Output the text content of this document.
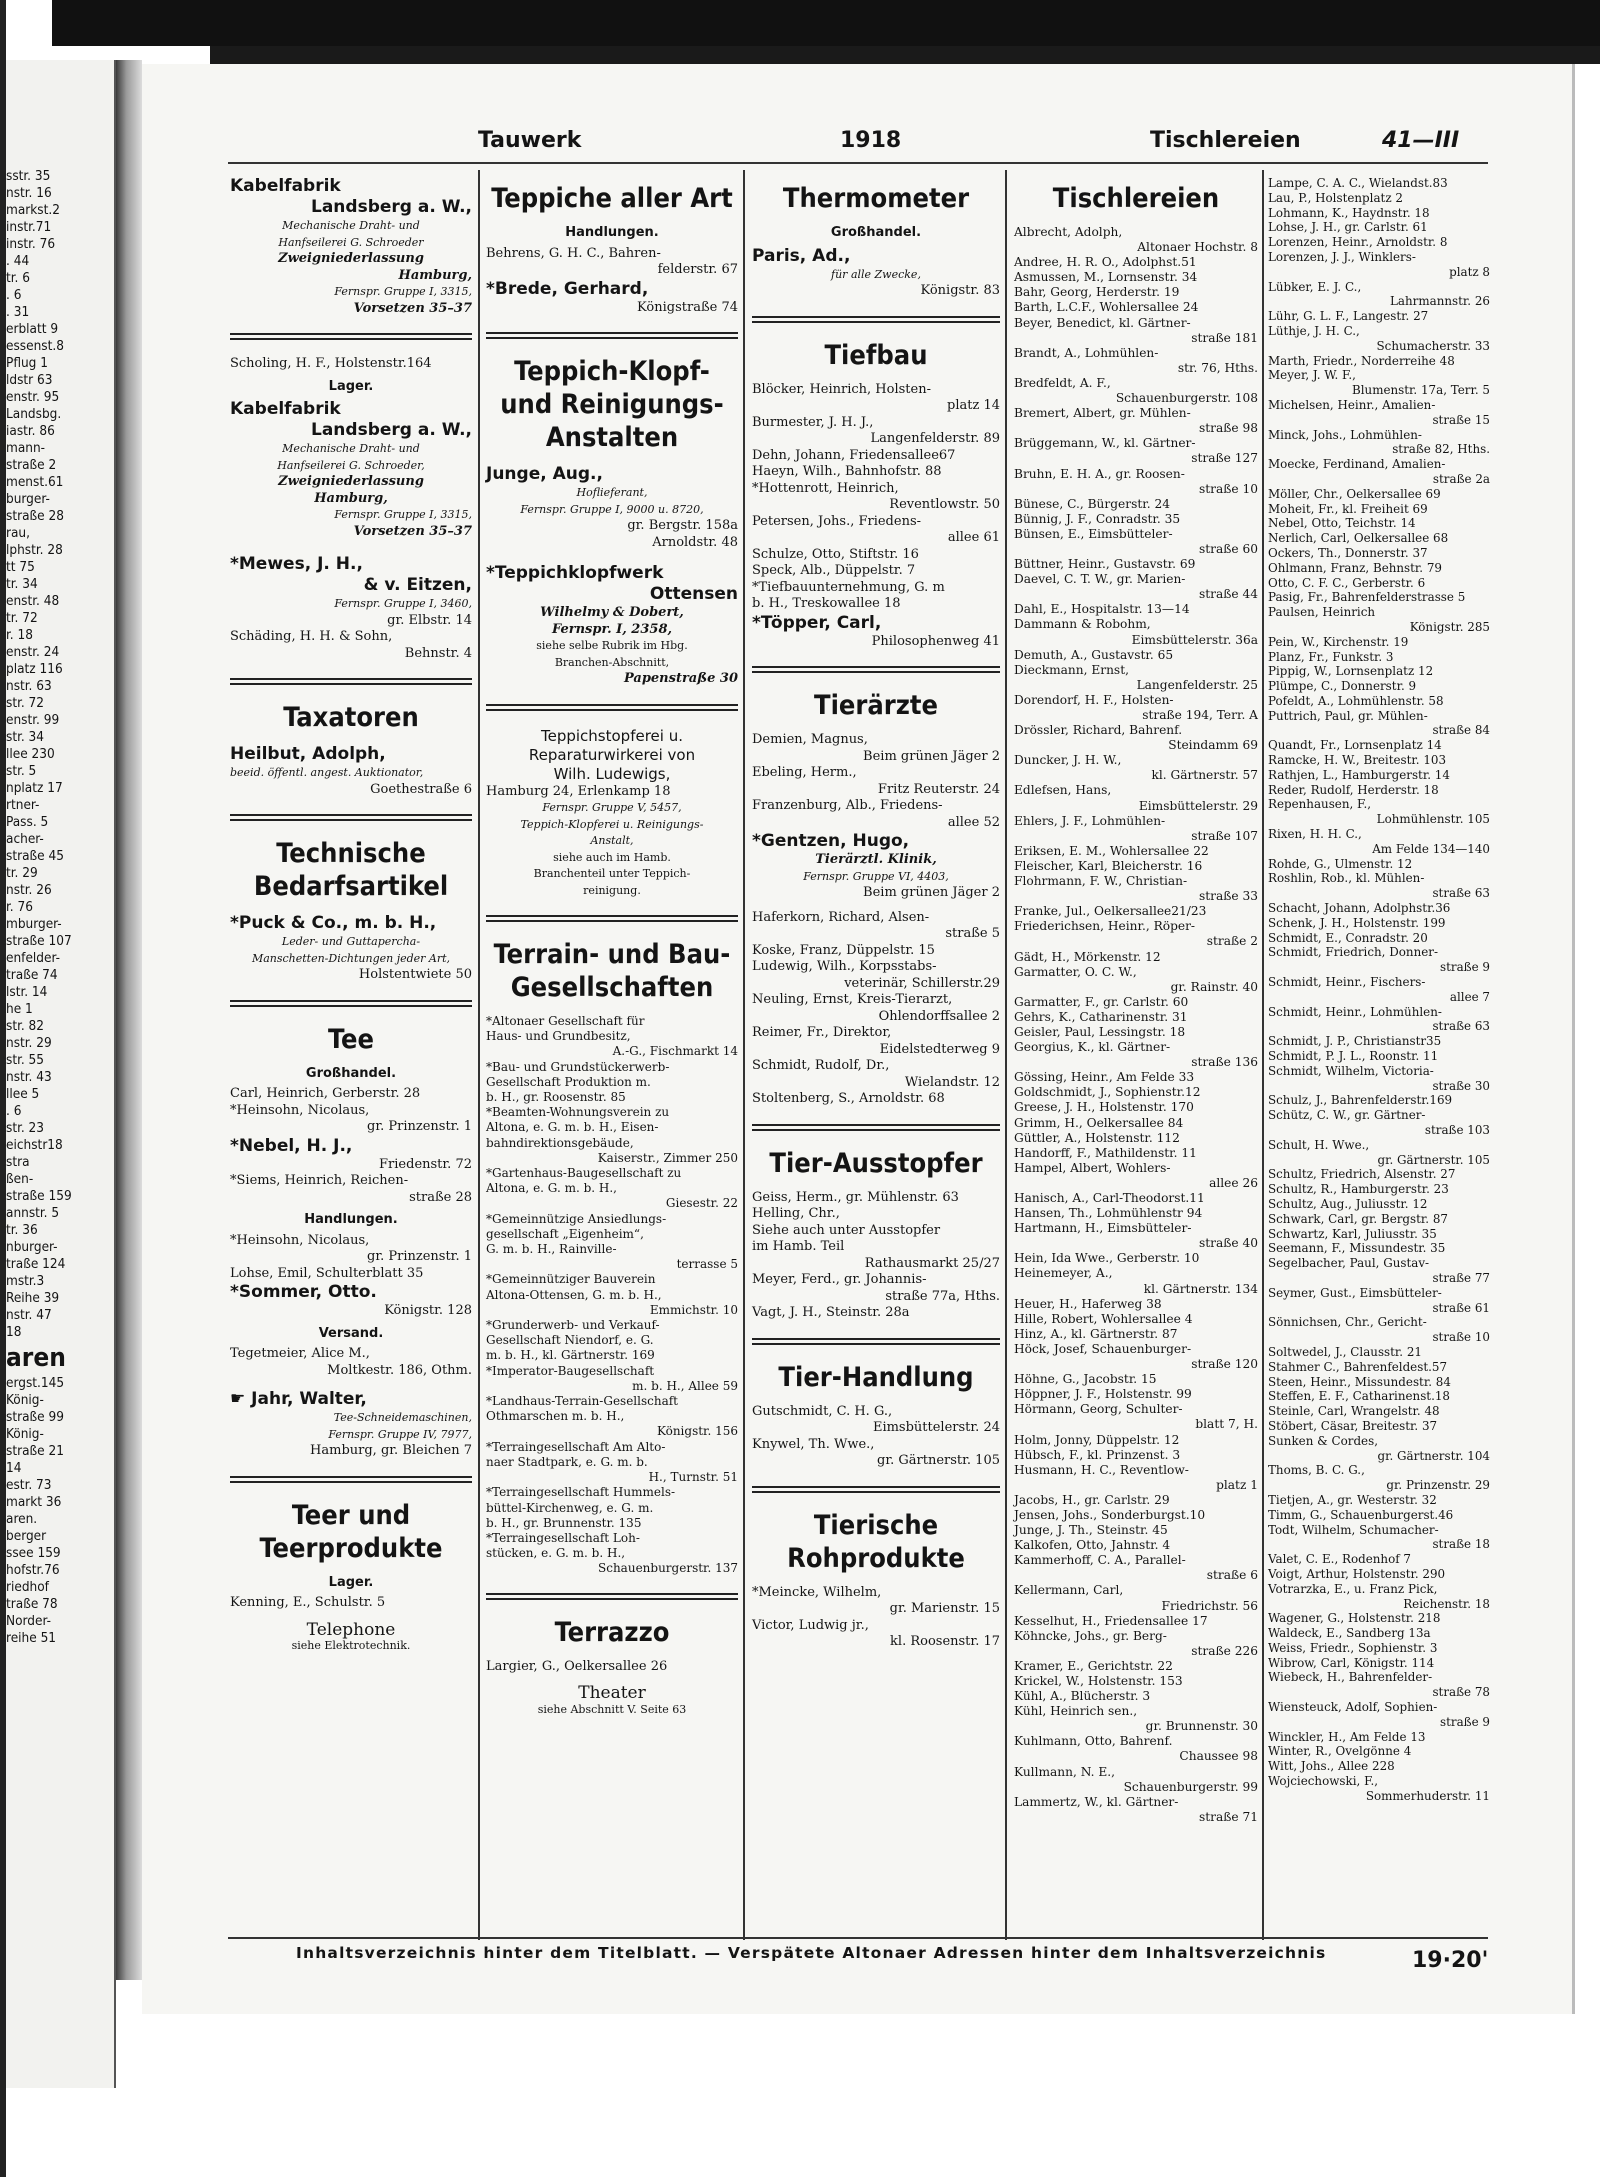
sstr. 35
nstr. 16
markst.2
instr.71
instr. 76
. 44
tr. 6
. 6
. 31
erblatt 9
essenst.8
Pflug 1
ldstr 63
enstr. 95
Landsbg.
iastr. 86
mann-
straße 2
menst.61
burger-
straße 28
rau,
lphstr. 28
tt 75
tr. 34
enstr. 48
tr. 72
r. 18
enstr. 24
platz 116
nstr. 63
str. 72
enstr. 99
str. 34
llee 230
str. 5
nplatz 17
rtner-
Pass. 5
acher-
straße 45
tr. 29
nstr. 26
r. 76
mburger-
straße 107
enfelder-
traße 74
lstr. 14
he 1
str. 82
nstr. 29
str. 55
nstr. 43
llee 5
. 6
str. 23
eichstr18
stra
ßen-
straße 159
annstr. 5
tr. 36
nburger-
traße 124
mstr.3
Reihe 39
nstr. 47
18
aren
ergst.145
König-
straße 99
König-
straße 21
14
estr. 73
markt 36
aren.
berger
ssee 159
hofstr.76
riedhof
traße 78
Norder-
reihe 51
Tauwerk	1918	Tischlereien	41—III
Kabelfabrik
Landsberg a. W.,
Mechanische Draht- und
Hanfseilerei G. Schroeder
Zweigniederlassung
Hamburg,
Fernspr. Gruppe I, 3315,
Vorsetzen 35–37
Scholing, H. F., Holstenstr.164
Lager.
Kabelfabrik
Landsberg a. W.,
Mechanische Draht- und
Hanfseilerei G. Schroeder,
Zweigniederlassung
Hamburg,
Fernspr. Gruppe I, 3315,
Vorsetzen 35–37
*Mewes, J. H.,
& v. Eitzen,
Fernspr. Gruppe I, 3460,
gr. Elbstr. 14
Schäding, H. H. & Sohn,
Behnstr. 4
Taxatoren
Heilbut, Adolph,
beeid. öffentl. angest. Auktionator,
Goethestraße 6
Technische Bedarfsartikel
*Puck & Co., m. b. H.,
Leder- und Guttapercha-
Manschetten-Dichtungen jeder Art,
Holstentwiete 50
Tee
Großhandel.
Carl, Heinrich, Gerberstr. 28
*Heinsohn, Nicolaus,
gr. Prinzenstr. 1
*Nebel, H. J.,
Friedenstr. 72
*Siems, Heinrich, Reichen-
straße 28
Handlungen.
*Heinsohn, Nicolaus,
gr. Prinzenstr. 1
Lohse, Emil, Schulterblatt 35
*Sommer, Otto.
Königstr. 128
Versand.
Tegetmeier, Alice M.,
Moltkestr. 186, Othm.
☛ Jahr, Walter,
Tee-Schneidemaschinen,
Fernspr. Gruppe IV, 7977,
Hamburg, gr. Bleichen 7
Teer und Teerprodukte
Lager.
Kenning, E., Schulstr. 5
Telephone
siehe Elektrotechnik.
Teppiche aller Art
Handlungen.
Behrens, G. H. C., Bahren-
felderstr. 67
*Brede, Gerhard,
Königstraße 74
Teppich-Klopf- und Reinigungs-Anstalten
Junge, Aug.,
Hoflieferant,
Fernspr. Gruppe I, 9000 u. 8720,
gr. Bergstr. 158a
Arnoldstr. 48
*Teppichklopfwerk
Ottensen
Wilhelmy & Dobert,
Fernspr. I, 2358,
siehe selbe Rubrik im Hbg.
Branchen-Abschnitt,
Papenstraße 30
Teppichstopferei u.
Reparaturwirkerei von
Wilh. Ludewigs,
Hamburg 24, Erlenkamp 18
Fernspr. Gruppe V, 5457,
Teppich-Klopferei u. Reinigungs-
Anstalt,
siehe auch im Hamb.
Branchenteil unter Teppich-
reinigung.
Terrain- und Bau-Gesellschaften
*Altonaer Gesellschaft für
Haus- und Grundbesitz,
A.-G., Fischmarkt 14
*Bau- und Grundstückerwerb-
Gesellschaft Produktion m.
b. H., gr. Roosenstr. 85
*Beamten-Wohnungsverein zu
Altona, e. G. m. b. H., Eisen-
bahndirektionsgebäude,
Kaiserstr., Zimmer 250
*Gartenhaus-Baugesellschaft zu
Altona, e. G. m. b. H.,
Giesestr. 22
*Gemeinnützige Ansiedlungs-
gesellschaft „Eigenheim“,
G. m. b. H., Rainville-
terrasse 5
*Gemeinnütziger Bauverein
Altona-Ottensen, G. m. b. H.,
Emmichstr. 10
*Grunderwerb- und Verkauf-
Gesellschaft Niendorf, e. G.
m. b. H., kl. Gärtnerstr. 169
*Imperator-Baugesellschaft
m. b. H., Allee 59
*Landhaus-Terrain-Gesellschaft
Othmarschen m. b. H.,
Königstr. 156
*Terraingesellschaft Am Alto-
naer Stadtpark, e. G. m. b.
H., Turnstr. 51
*Terraingesellschaft Hummels-
büttel-Kirchenweg, e. G. m.
b. H., gr. Brunnenstr. 135
*Terraingesellschaft Loh-
stücken, e. G. m. b. H.,
Schauenburgerstr. 137
Terrazzo
Largier, G., Oelkersallee 26
Theater
siehe Abschnitt V. Seite 63
Thermometer
Großhandel.
Paris, Ad.,
für alle Zwecke,
Königstr. 83
Tiefbau
Blöcker, Heinrich, Holsten-
platz 14
Burmester, J. H. J.,
Langenfelderstr. 89
Dehn, Johann, Friedensallee67
Haeyn, Wilh., Bahnhofstr. 88
*Hottenrott, Heinrich,
Reventlowstr. 50
Petersen, Johs., Friedens-
allee 61
Schulze, Otto, Stiftstr. 16
Speck, Alb., Düppelstr. 7
*Tiefbauunternehmung, G. m
b. H., Treskowallee 18
*Töpper, Carl,
Philosophenweg 41
Tierärzte
Demien, Magnus,
Beim grünen Jäger 2
Ebeling, Herm.,
Fritz Reuterstr. 24
Franzenburg, Alb., Friedens-
allee 52
*Gentzen, Hugo,
Tierärztl. Klinik,
Fernspr. Gruppe VI, 4403,
Beim grünen Jäger 2
Haferkorn, Richard, Alsen-
straße 5
Koske, Franz, Düppelstr. 15
Ludewig, Wilh., Korpsstabs-
veterinär, Schillerstr.29
Neuling, Ernst, Kreis-Tierarzt,
Ohlendorffsallee 2
Reimer, Fr., Direktor,
Eidelstedterweg 9
Schmidt, Rudolf, Dr.,
Wielandstr. 12
Stoltenberg, S., Arnoldstr. 68
Tier-Ausstopfer
Geiss, Herm., gr. Mühlenstr. 63
Helling, Chr.,
Siehe auch unter Ausstopfer
im Hamb. Teil
Rathausmarkt 25/27
Meyer, Ferd., gr. Johannis-
straße 77a, Hths.
Vagt, J. H., Steinstr. 28a
Tier-Handlung
Gutschmidt, C. H. G.,
Eimsbüttelerstr. 24
Knywel, Th. Wwe.,
gr. Gärtnerstr. 105
Tierische Rohprodukte
*Meincke, Wilhelm,
gr. Marienstr. 15
Victor, Ludwig jr.,
kl. Roosenstr. 17
Tischlereien
Albrecht, Adolph,
Altonaer Hochstr. 8
Andree, H. R. O., Adolphst.51
Asmussen, M., Lornsenstr. 34
Bahr, Georg, Herderstr. 19
Barth, L.C.F., Wohlersallee 24
Beyer, Benedict, kl. Gärtner-
straße 181
Brandt, A., Lohmühlen-
str. 76, Hths.
Bredfeldt, A. F.,
Schauenburgerstr. 108
Bremert, Albert, gr. Mühlen-
straße 98
Brüggemann, W., kl. Gärtner-
straße 127
Bruhn, E. H. A., gr. Roosen-
straße 10
Bünese, C., Bürgerstr. 24
Bünnig, J. F., Conradstr. 35
Bünsen, E., Eimsbütteler-
straße 60
Büttner, Heinr., Gustavstr. 69
Daevel, C. T. W., gr. Marien-
straße 44
Dahl, E., Hospitalstr. 13—14
Dammann & Robohm,
Eimsbüttelerstr. 36a
Demuth, A., Gustavstr. 65
Dieckmann, Ernst,
Langenfelderstr. 25
Dorendorf, H. F., Holsten-
straße 194, Terr. A
Drössler, Richard, Bahrenf.
Steindamm 69
Duncker, J. H. W.,
kl. Gärtnerstr. 57
Edlefsen, Hans,
Eimsbüttelerstr. 29
Ehlers, J. F., Lohmühlen-
straße 107
Eriksen, E. M., Wohlersallee 22
Fleischer, Karl, Bleicherstr. 16
Flohrmann, F. W., Christian-
straße 33
Franke, Jul., Oelkersallee21/23
Friederichsen, Heinr., Röper-
straße 2
Gädt, H., Mörkenstr. 12
Garmatter, O. C. W.,
gr. Rainstr. 40
Garmatter, F., gr. Carlstr. 60
Gehrs, K., Catharinenstr. 31
Geisler, Paul, Lessingstr. 18
Georgius, K., kl. Gärtner-
straße 136
Gössing, Heinr., Am Felde 33
Goldschmidt, J., Sophienstr.12
Greese, J. H., Holstenstr. 170
Grimm, H., Oelkersallee 84
Güttler, A., Holstenstr. 112
Handorff, F., Mathildenstr. 11
Hampel, Albert, Wohlers-
allee 26
Hanisch, A., Carl-Theodorst.11
Hansen, Th., Lohmühlenstr 94
Hartmann, H., Eimsbütteler-
straße 40
Hein, Ida Wwe., Gerberstr. 10
Heinemeyer, A.,
kl. Gärtnerstr. 134
Heuer, H., Haferweg 38
Hille, Robert, Wohlersallee 4
Hinz, A., kl. Gärtnerstr. 87
Höck, Josef, Schauenburger-
straße 120
Höhne, G., Jacobstr. 15
Höppner, J. F., Holstenstr. 99
Hörmann, Georg, Schulter-
blatt 7, H.
Holm, Jonny, Düppelstr. 12
Hübsch, F., kl. Prinzenst. 3
Husmann, H. C., Reventlow-
platz 1
Jacobs, H., gr. Carlstr. 29
Jensen, Johs., Sonderburgst.10
Junge, J. Th., Steinstr. 45
Kalkofen, Otto, Jahnstr. 4
Kammerhoff, C. A., Parallel-
straße 6
Kellermann, Carl,
Friedrichstr. 56
Kesselhut, H., Friedensallee 17
Köhncke, Johs., gr. Berg-
straße 226
Kramer, E., Gerichtstr. 22
Krickel, W., Holstenstr. 153
Kühl, A., Blücherstr. 3
Kühl, Heinrich sen.,
gr. Brunnenstr. 30
Kuhlmann, Otto, Bahrenf.
Chaussee 98
Kullmann, N. E.,
Schauenburgerstr. 99
Lammertz, W., kl. Gärtner-
straße 71
Lampe, C. A. C., Wielandst.83
Lau, P., Holstenplatz 2
Lohmann, K., Haydnstr. 18
Lohse, J. H., gr. Carlstr. 61
Lorenzen, Heinr., Arnoldstr. 8
Lorenzen, J. J., Winklers-
platz 8
Lübker, E. J. C.,
Lahrmannstr. 26
Lühr, G. L. F., Langestr. 27
Lüthje, J. H. C.,
Schumacherstr. 33
Marth, Friedr., Norderreihe 48
Meyer, J. W. F.,
Blumenstr. 17a, Terr. 5
Michelsen, Heinr., Amalien-
straße 15
Minck, Johs., Lohmühlen-
straße 82, Hths.
Moecke, Ferdinand, Amalien-
straße 2a
Möller, Chr., Oelkersallee 69
Moheit, Fr., kl. Freiheit 69
Nebel, Otto, Teichstr. 14
Nerlich, Carl, Oelkersallee 68
Ockers, Th., Donnerstr. 37
Ohlmann, Franz, Behnstr. 79
Otto, C. F. C., Gerberstr. 6
Pasig, Fr., Bahrenfelderstrasse 5
Paulsen, Heinrich
Königstr. 285
Pein, W., Kirchenstr. 19
Planz, Fr., Funkstr. 3
Pippig, W., Lornsenplatz 12
Plümpe, C., Donnerstr. 9
Pofeldt, A., Lohmühlenstr. 58
Puttrich, Paul, gr. Mühlen-
straße 84
Quandt, Fr., Lornsenplatz 14
Ramcke, H. W., Breitestr. 103
Rathjen, L., Hamburgerstr. 14
Reder, Rudolf, Herderstr. 18
Repenhausen, F.,
Lohmühlenstr. 105
Rixen, H. H. C.,
Am Felde 134—140
Rohde, G., Ulmenstr. 12
Roshlin, Rob., kl. Mühlen-
straße 63
Schacht, Johann, Adolphstr.36
Schenk, J. H., Holstenstr. 199
Schmidt, E., Conradstr. 20
Schmidt, Friedrich, Donner-
straße 9
Schmidt, Heinr., Fischers-
allee 7
Schmidt, Heinr., Lohmühlen-
straße 63
Schmidt, J. P., Christianstr35
Schmidt, P. J. L., Roonstr. 11
Schmidt, Wilhelm, Victoria-
straße 30
Schulz, J., Bahrenfelderstr.169
Schütz, C. W., gr. Gärtner-
straße 103
Schult, H. Wwe.,
gr. Gärtnerstr. 105
Schultz, Friedrich, Alsenstr. 27
Schultz, R., Hamburgerstr. 23
Schultz, Aug., Juliusstr. 12
Schwark, Carl, gr. Bergstr. 87
Schwartz, Karl, Juliusstr. 35
Seemann, F., Missundestr. 35
Segelbacher, Paul, Gustav-
straße 77
Seymer, Gust., Eimsbütteler-
straße 61
Sönnichsen, Chr., Gericht-
straße 10
Soltwedel, J., Clausstr. 21
Stahmer C., Bahrenfeldest.57
Steen, Heinr., Missundestr. 84
Steffen, E. F., Catharinenst.18
Steinle, Carl, Wrangelstr. 48
Stöbert, Cäsar, Breitestr. 37
Sunken & Cordes,
gr. Gärtnerstr. 104
Thoms, B. C. G.,
gr. Prinzenstr. 29
Tietjen, A., gr. Westerstr. 32
Timm, G., Schauenburgerst.46
Todt, Wilhelm, Schumacher-
straße 18
Valet, C. E., Rodenhof 7
Voigt, Arthur, Holstenstr. 290
Votrarzka, E., u. Franz Pick,
Reichenstr. 18
Wagener, G., Holstenstr. 218
Waldeck, E., Sandberg 13a
Weiss, Friedr., Sophienstr. 3
Wibrow, Carl, Königstr. 114
Wiebeck, H., Bahrenfelder-
straße 78
Wiensteuck, Adolf, Sophien-
straße 9
Winckler, H., Am Felde 13
Winter, R., Ovelgönne 4
Witt, Johs., Allee 228
Wojciechowski, F.,
Sommerhuderstr. 11
Inhaltsverzeichnis hinter dem Titelblatt. — Verspätete Altonaer Adressen hinter dem Inhaltsverzeichnis	19·20'
